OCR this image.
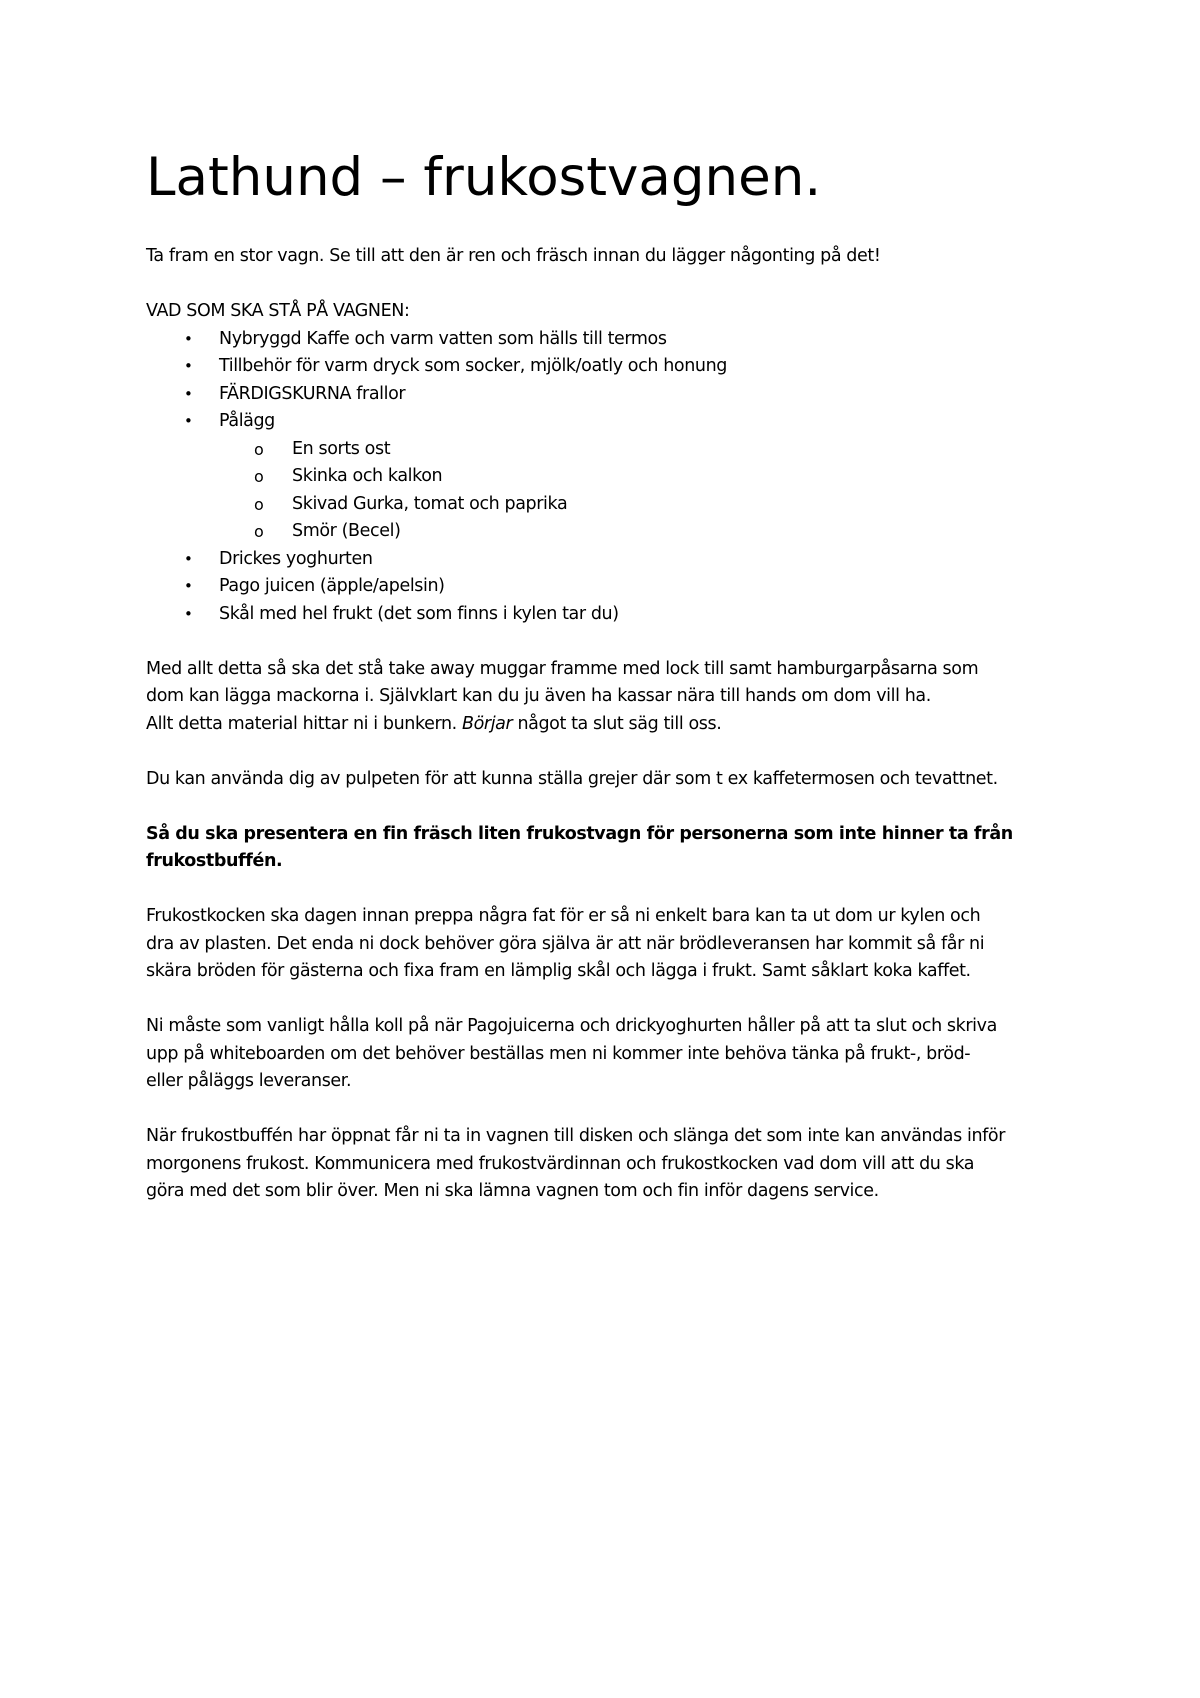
Lathund – frukostvagnen.

Ta fram en stor vagn. Se till att den är ren och fräsch innan du lägger någonting på det!

VAD SOM SKA STÅ PÅ VAGNEN:

• Nybryggd Kaffe och varm vatten som hälls till termos
• Tillbehör för varm dryck som socker, mjölk/oatly och honung
• FÄRDIGSKURNA frallor
• Pålägg
o En sorts ost
o Skinka och kalkon
o Skivad Gurka, tomat och paprika
o Smör (Becel)
• Drickes yoghurten
• Pago juicen (äpple/apelsin)
• Skål med hel frukt (det som finns i kylen tar du)

Med allt detta så ska det stå take away muggar framme med lock till samt hamburgarpåsarna som

dom kan lägga mackorna i. Självklart kan du ju även ha kassar nära till hands om dom vill ha.

Allt detta material hittar ni i bunkern. Börjar något ta slut säg till oss.

Du kan använda dig av pulpeten för att kunna ställa grejer där som t ex kaffetermosen och tevattnet.

Så du ska presentera en fin fräsch liten frukostvagn för personerna som inte hinner ta från

frukostbuffén.

Frukostkocken ska dagen innan preppa några fat för er så ni enkelt bara kan ta ut dom ur kylen och

dra av plasten. Det enda ni dock behöver göra själva är att när brödleveransen har kommit så får ni

skära bröden för gästerna och fixa fram en lämplig skål och lägga i frukt. Samt såklart koka kaffet.

Ni måste som vanligt hålla koll på när Pagojuicerna och drickyoghurten håller på att ta slut och skriva

upp på whiteboarden om det behöver beställas men ni kommer inte behöva tänka på frukt-, bröd-

eller påläggs leveranser.

När frukostbuffén har öppnat får ni ta in vagnen till disken och slänga det som inte kan användas inför

morgonens frukost. Kommunicera med frukostvärdinnan och frukostkocken vad dom vill att du ska

göra med det som blir över. Men ni ska lämna vagnen tom och fin inför dagens service.
